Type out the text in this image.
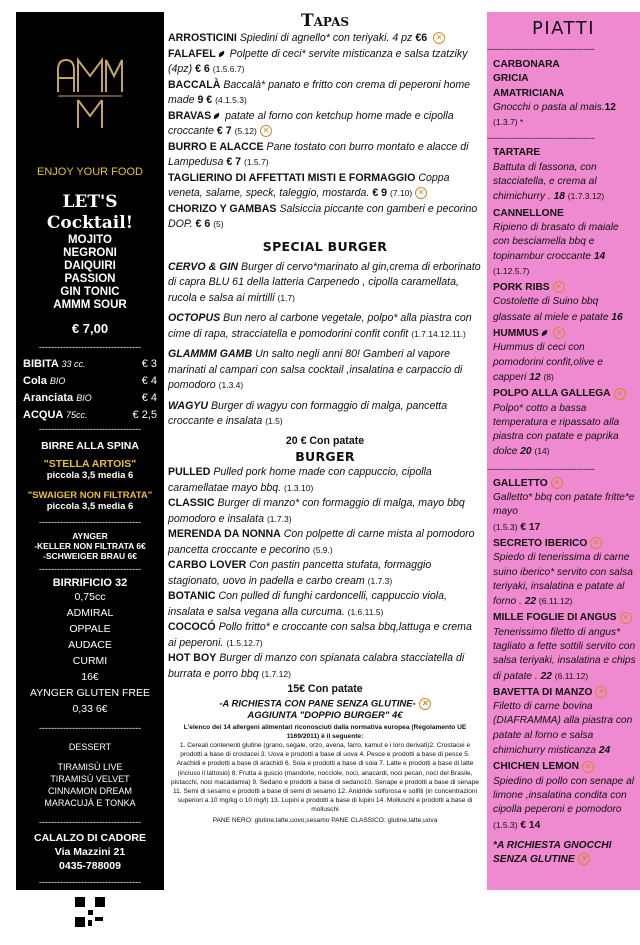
ENJOY YOUR FOOD
LET'S
Cocktail!
MOJITO
NEGRONI
DAIQUIRI
PASSION
GIN TONIC
AMMM SOUR
€ 7,00
----------------------------------
BIBITA 33 cc.	€ 3
Cola BIO	€ 4
Aranciata BIO	€ 4
ACQUA 75cc.	€ 2,5
----------------------------------
BIRRE ALLA SPINA
"STELLA ARTOIS"
piccola 3,5 media 6
"SWAIGER NON FILTRATA"
piccola 3,5 media 6
----------------------------------
AYNGER
-KELLER NON FILTRATA 6€
-SCHWEIGER BRAU 6€
----------------------------------
BIRRIFICIO 32
0,75cc
ADMIRAL
OPPALE
AUDACE
CURMI
16€
AYNGER GLUTEN FREE
0,33 6€
----------------------------------
DESSERT
TIRAMISÙ LIVE
TIRAMISÙ VELVET
CINNAMON DREAM
MARACUJÀ E TONKA
----------------------------------
CALALZO DI CADORE
Via Mazzini 21
0435-788009
----------------------------------
SCARICA LA NOSTRA APP!
Tapas
ARROSTICINI Spiedini di agnello* con teriyaki. 4 pz €6 ✕
FALAFEL Polpette di ceci* servite misticanza e salsa tzatziky (4pz) € 6 (1.5.6.7)
BACCALÀ Baccalà* panato e fritto con crema di peperoni home made 9 € (4.1.5.3)
BRAVAS patate al forno con ketchup home made e cipolla croccante € 7 (5.12) ✕
BURRO E ALACCE Pane tostato con burro montato e alacce di Lampedusa € 7 (1.5.7)
TAGLIERINO DI AFFETTATI MISTI E FORMAGGIO Coppa veneta, salame, speck, taleggio, mostarda. € 9 (7.10) ✕
CHORIZO Y GAMBAS Salsiccia piccante con gamberi e pecorino DOP. € 6 (5)
SPECIAL BURGER
CERVO & GIN Burger di cervo*marinato al gin,crema di erborinato di capra BLU 61 della latteria Carpenedo , cipolla caramellata, rucola e salsa ai mirtilli (1.7)
OCTOPUS Bun nero al carbone vegetale, polpo* alla piastra con cime di rapa, stracciatella e pomodorini confit confit (1.7.14.12.11.)
GLAMMM GAMB Un salto negli anni 80! Gamberi al vapore marinati al campari con salsa cocktail ,insalatina e carpaccio di pomodoro (1.3.4)
WAGYU Burger di wagyu con formaggio di malga, pancetta croccante e insalata (1.5)
20 € Con patate
BURGER
PULLED Pulled pork home made con cappuccio, cipolla caramellatae mayo bbq. (1.3.10)
CLASSIC Burger di manzo* con formaggio di malga, mayo bbq pomodoro e insalata (1.7.3)
MERENDA DA NONNA Con polpette di carne mista al pomodoro pancetta croccante e pecorino (5.9.)
CARBO LOVER Con pastin pancetta stufata, formaggio stagionato, uovo in padella e carbo cream (1.7.3)
BOTANIC Con pulled di funghi cardoncelli, cappuccio viola, insalata e salsa vegana alla curcuma. (1.6.11.5)
COCOCÓ Pollo fritto* e croccante con salsa bbq,lattuga e crema ai peperoni. (1.5.12.7)
HOT BOY Burger di manzo con spianata calabra stacciatella di burrata e porro bbq (1.7.12)
15€ Con patate
-A RICHIESTA CON PANE SENZA GLUTINE- ✕
AGGIUNTA "DOPPIO BURGER" 4€
L'elenco dei 14 allergeni alimentari riconosciuti dalla normativa europea (Regolamento UE 1169/2011) è il seguente:
1. Cereali contenenti glutine (grano, segale, orzo, avena, farro, kamut e i loro derivati)2. Crostacei e prodotti a base di crostacei 3. Uova e prodotti a base di uova 4. Pesce e prodotti a base di pesce 5. Arachidi e prodotti a base di arachidi 6. Soia e prodotti a base di soia 7. Latte e prodotti a base di latte (incluso il lattosio) 8. Frutta a guscio (mandorle, nocciole, noci, anacardi, noci pecan, noci del Brasile, pistacchi, noci macadamia) 9. Sedano e prodotti a base di sedano10. Senape e prodotti a base di senape 11. Semi di sesamo e prodotti a base di semi di sesamo 12. Anidride solforosa e solfiti (in concentrazioni superiori a 10 mg/kg o 10 mg/l) 13. Lupini e prodotti a base di lupini 14. Molluschi e prodotti a base di molluschi
PANE NERO: glutine,latte,uovo,sesamo PANE CLASSICO: glutine,latte,uova
PIATTI
------------------------------------
CARBONARA
GRICIA
AMATRICIANA
Gnocchi o pasta al mais.12
(1.3.7) *
------------------------------------
TARTARE
Battuta di fassona, con stacciatella, e crema al chimichurry . 18 (1.7.3.12)
CANNELLONE
Ripieno di brasato di maiale con besciamella bbq e topinambur croccante 14 (1.12.5.7)
PORK RIBS ✕
Costolette di Suino bbq glassate al miele e patate 16
HUMMUS ✕
Hummus di ceci con pomodorini confit,olive e capperi 12 (8)
POLPO ALLA GALLEGA ✕
Polpo* cotto a bassa temperatura e ripassato alla piastra con patate e paprika dolce 20 (14)
------------------------------------
GALLETTO ✕
Galletto* bbq con patate fritte*e mayo
(1.5.3) € 17
SECRETO IBERICO ✕
Spiedo di tenerissima di carne suino iberico* servito con salsa teriyaki, insalatina e patate al forno . 22 (6.11.12)
MILLE FOGLIE DI ANGUS ✕
Tenerissimo filetto di angus* tagliato a fette sottili servito con salsa teriyaki, insalatina e chips di patate . 22 (6.11.12)
BAVETTA DI MANZO ✕
Filetto di carne bovina (DIAFRAMMA) alla piastra con patate al forno e salsa chimichurry misticanza 24
CHICHEN LEMON ✕
Spiedino di pollo con senape al limone ,insalatina condita con cipolla peperoni e pomodoro
(1.5.3) € 14
*A RICHIESTA GNOCCHI SENZA GLUTINE ✕
